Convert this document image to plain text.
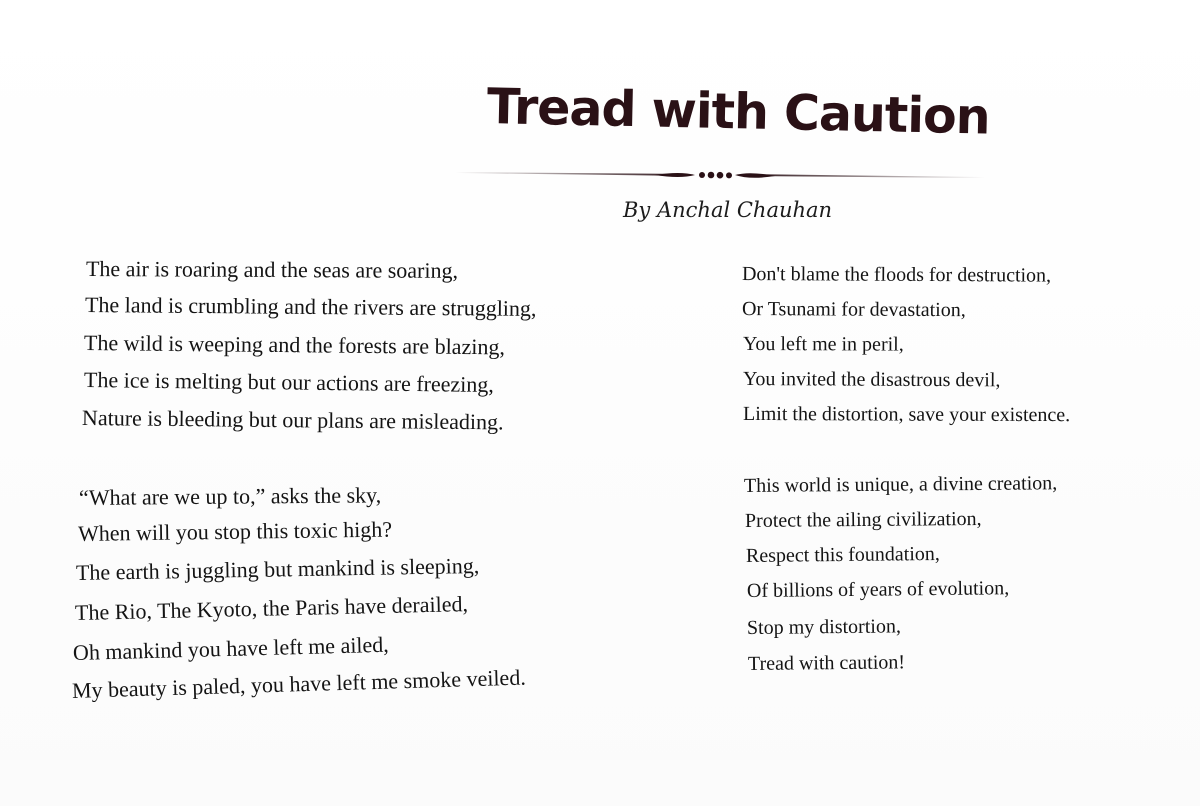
Tread with Caution
By Anchal Chauhan
The air is roaring and the seas are soaring,
The land is crumbling and the rivers are struggling,
The wild is weeping and the forests are blazing,
The ice is melting but our actions are freezing,
Nature is bleeding but our plans are misleading.
“What are we up to,” asks the sky,
When will you stop this toxic high?
The earth is juggling but mankind is sleeping,
The Rio, The Kyoto, the Paris have derailed,
Oh mankind you have left me ailed,
My beauty is paled, you have left me smoke veiled.
Don't blame the floods for destruction,
Or Tsunami for devastation,
You left me in peril,
You invited the disastrous devil,
Limit the distortion, save your existence.
This world is unique, a divine creation,
Protect the ailing civilization,
Respect this foundation,
Of billions of years of evolution,
Stop my distortion,
Tread with caution!
